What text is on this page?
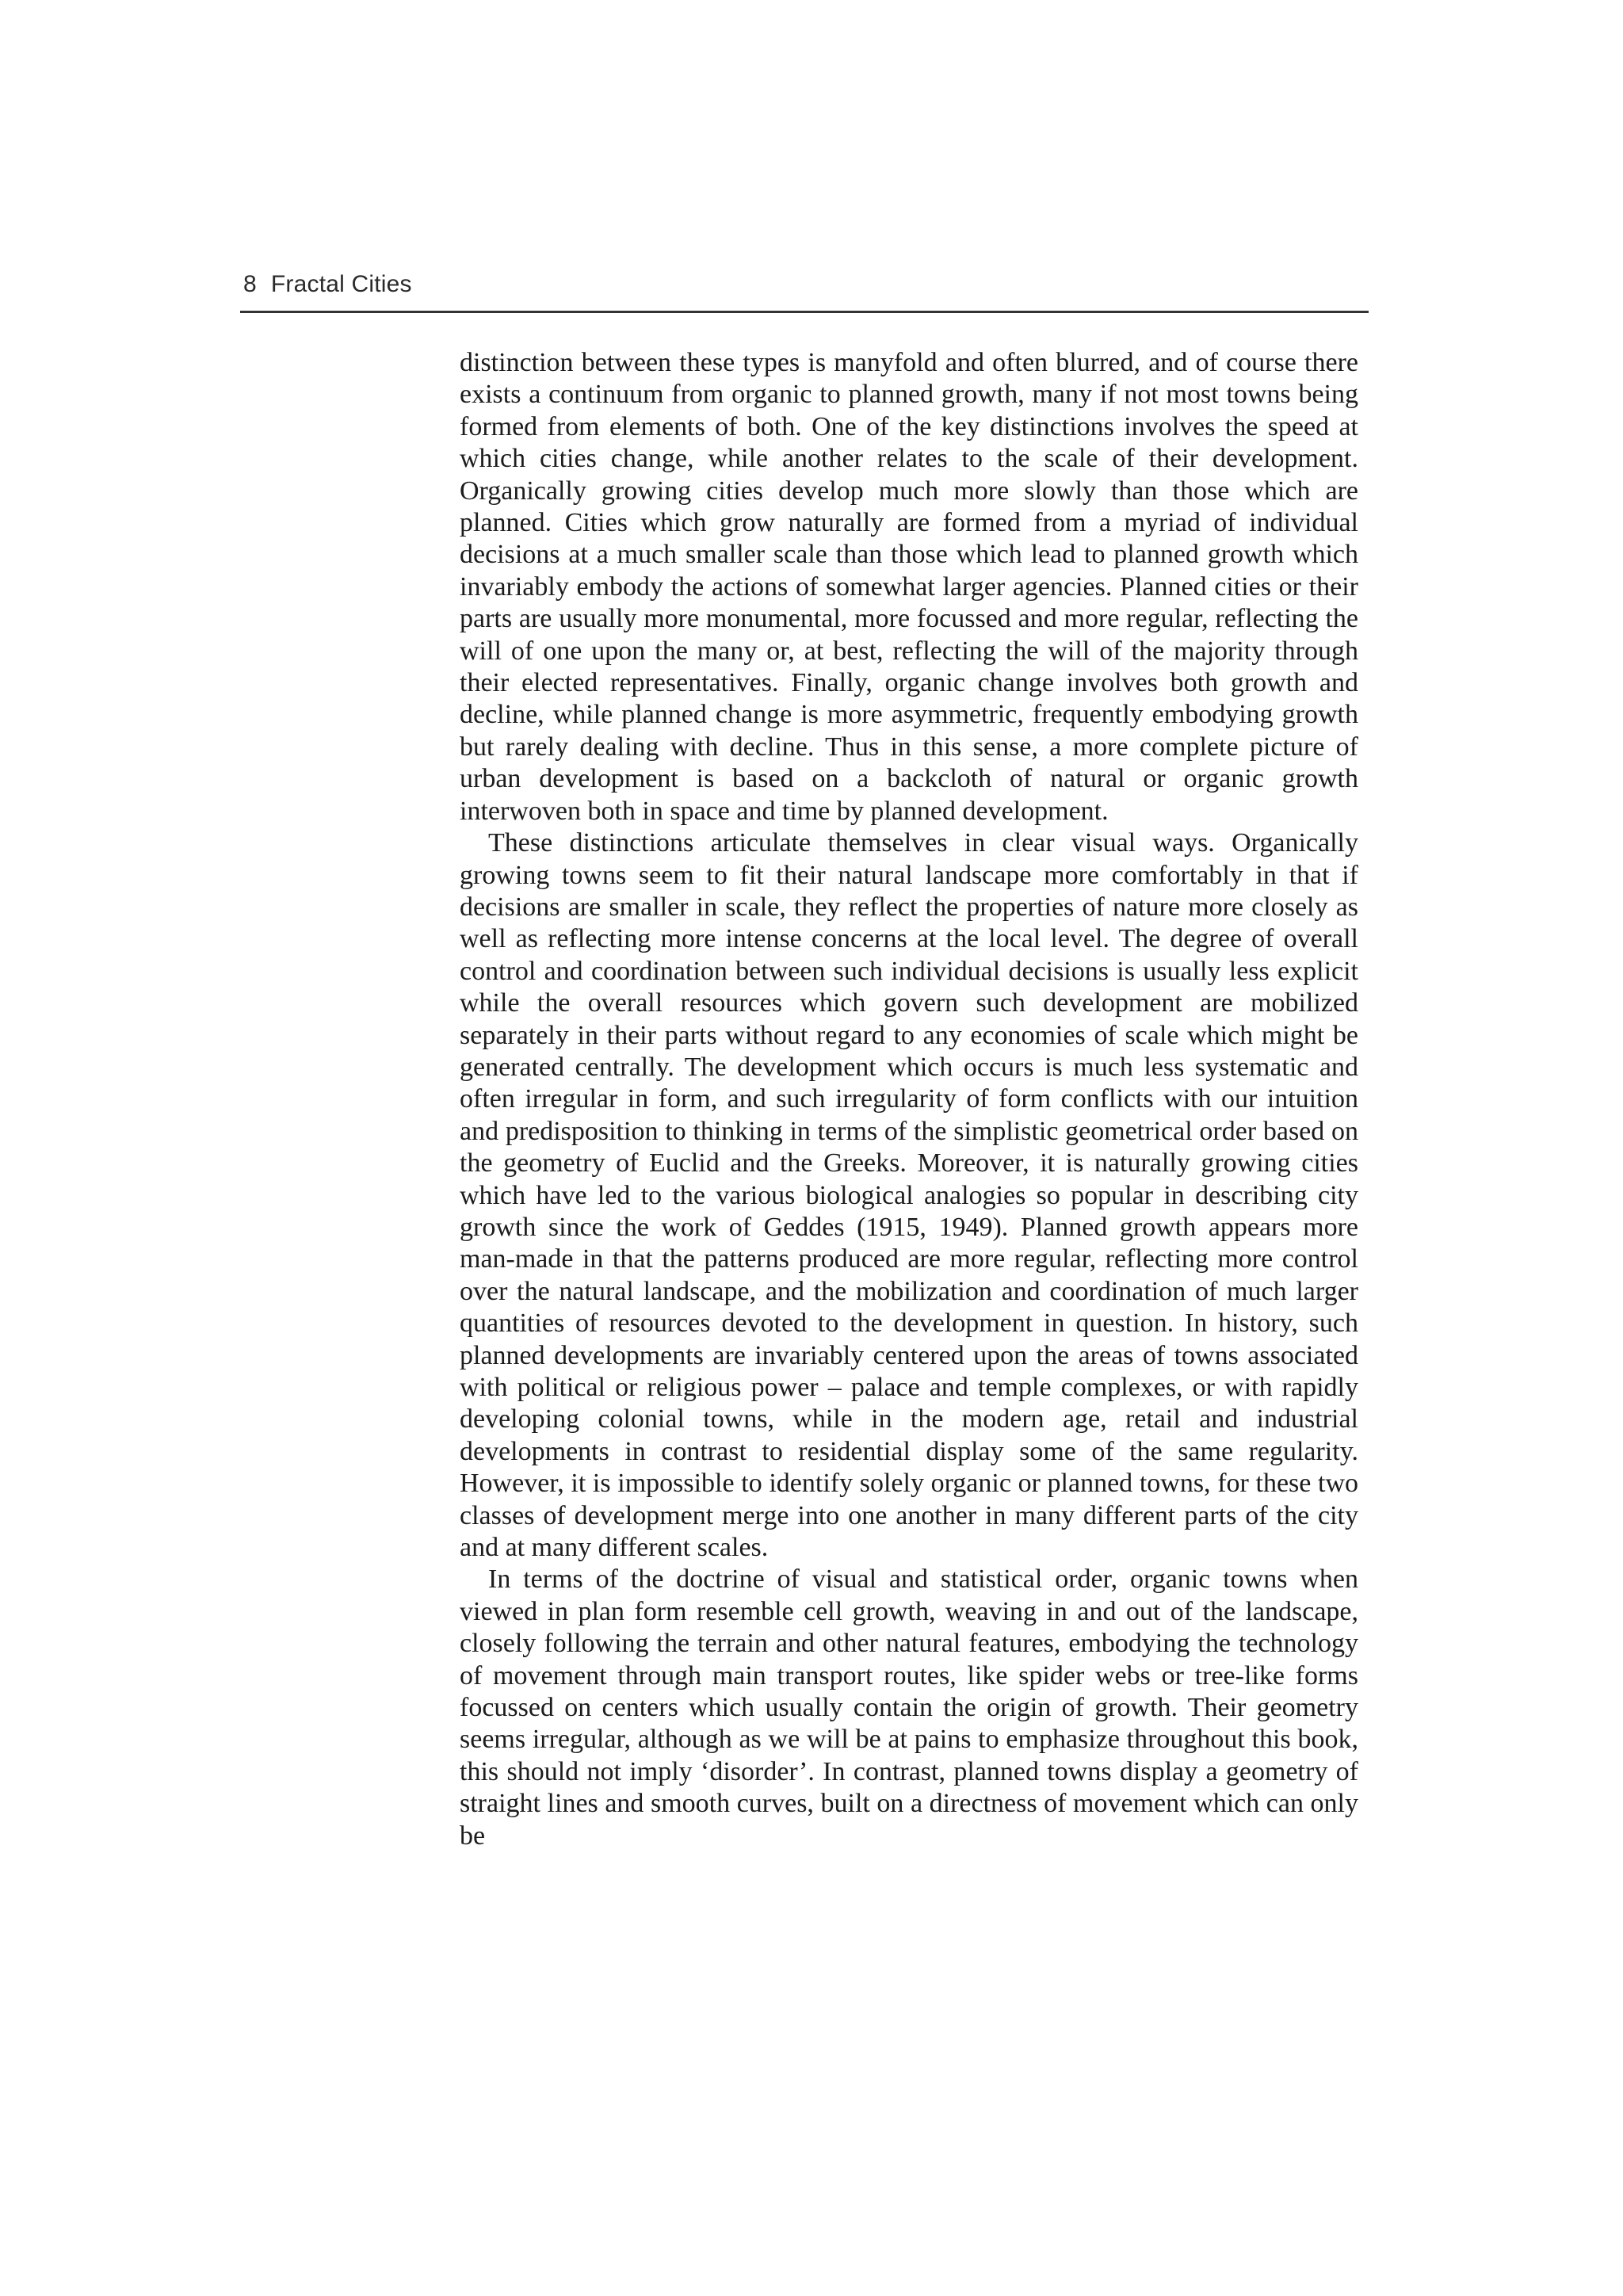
8 Fractal Cities

distinction between these types is manyfold and often blurred, and of course there exists a continuum from organic to planned growth, many if not most towns being formed from elements of both. One of the key distinctions involves the speed at which cities change, while another relates to the scale of their development. Organically growing cities develop much more slowly than those which are planned. Cities which grow naturally are formed from a myriad of individual decisions at a much smaller scale than those which lead to planned growth which invariably embody the actions of somewhat larger agencies. Planned cities or their parts are usually more monumental, more focussed and more regular, reflecting the will of one upon the many or, at best, reflecting the will of the majority through their elected representatives. Finally, organic change involves both growth and decline, while planned change is more asymmetric, frequently embodying growth but rarely dealing with decline. Thus in this sense, a more complete picture of urban development is based on a backcloth of natural or organic growth interwoven both in space and time by planned development.

These distinctions articulate themselves in clear visual ways. Organically growing towns seem to fit their natural landscape more comfortably in that if decisions are smaller in scale, they reflect the properties of nature more closely as well as reflecting more intense concerns at the local level. The degree of overall control and coordination between such individual decisions is usually less explicit while the overall resources which govern such development are mobilized separately in their parts without regard to any economies of scale which might be generated centrally. The development which occurs is much less systematic and often irregular in form, and such irregularity of form conflicts with our intuition and predisposition to thinking in terms of the simplistic geometrical order based on the geometry of Euclid and the Greeks. Moreover, it is naturally growing cities which have led to the various biological analogies so popular in describing city growth since the work of Geddes (1915, 1949). Planned growth appears more man-made in that the patterns produced are more regular, reflecting more control over the natural landscape, and the mobilization and coordination of much larger quantities of resources devoted to the development in question. In history, such planned developments are invariably centered upon the areas of towns associated with political or religious power – palace and temple complexes, or with rapidly developing colonial towns, while in the modern age, retail and industrial developments in contrast to residential display some of the same regularity. However, it is impossible to identify solely organic or planned towns, for these two classes of development merge into one another in many different parts of the city and at many different scales.

In terms of the doctrine of visual and statistical order, organic towns when viewed in plan form resemble cell growth, weaving in and out of the landscape, closely following the terrain and other natural features, embodying the technology of movement through main transport routes, like spider webs or tree-like forms focussed on centers which usually contain the origin of growth. Their geometry seems irregular, although as we will be at pains to emphasize throughout this book, this should not imply ‘disorder’. In contrast, planned towns display a geometry of straight lines and smooth curves, built on a directness of movement which can only be
